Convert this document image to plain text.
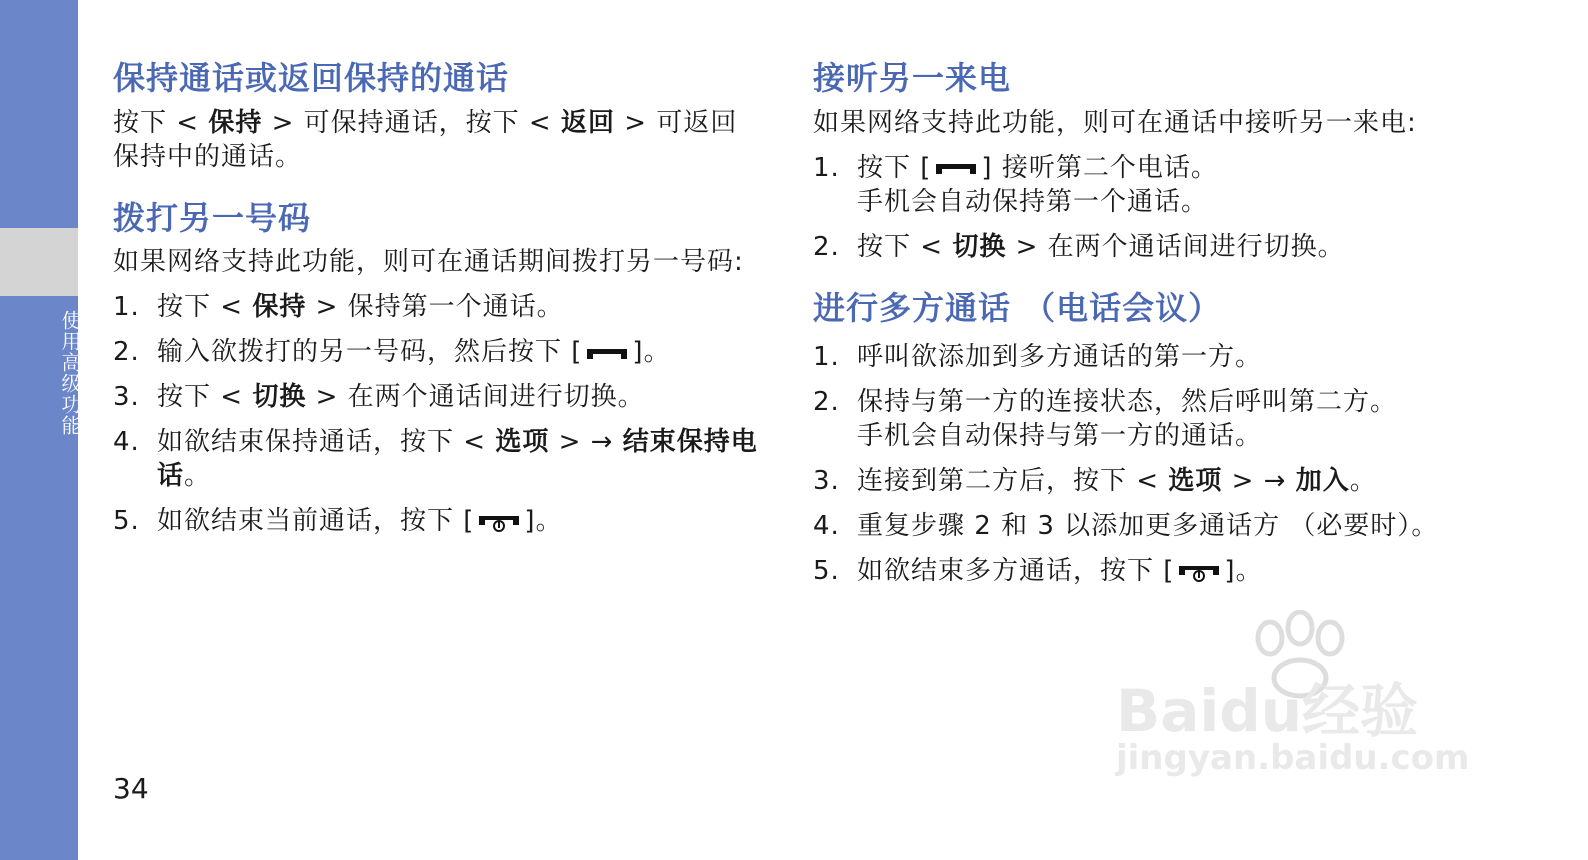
使用高级功能
保持通话或返回保持的通话

按下 < 保持 > 可保持通话，按下 < 返回 > 可返回保持中的通话。

拨打另一号码

如果网络支持此功能，则可在通话期间拨打另一号码:

1. 按下 < 保持 > 保持第一个通话。
2. 输入欲拨打的另一号码，然后按下 [ ]。
3. 按下 < 切换 > 在两个通话间进行切换。
4. 如欲结束保持通话，按下 < 选项 > → 结束保持电话。
5. 如欲结束当前通话，按下 [ ]。
接听另一来电

如果网络支持此功能，则可在通话中接听另一来电:

1. 按下 [ ] 接听第二个电话。
手机会自动保持第一个通话。
2. 按下 < 切换 > 在两个通话间进行切换。
进行多方通话 （电话会议）
1. 呼叫欲添加到多方通话的第一方。
2. 保持与第一方的连接状态，然后呼叫第二方。
手机会自动保持与第一方的通话。
3. 连接到第二方后，按下 < 选项 > → 加入。
4. 重复步骤 2 和 3 以添加更多通话方 （必要时）。
5. 如欲结束多方通话，按下 [ ]。
34
Baidu经验
jingyan.baidu.com
